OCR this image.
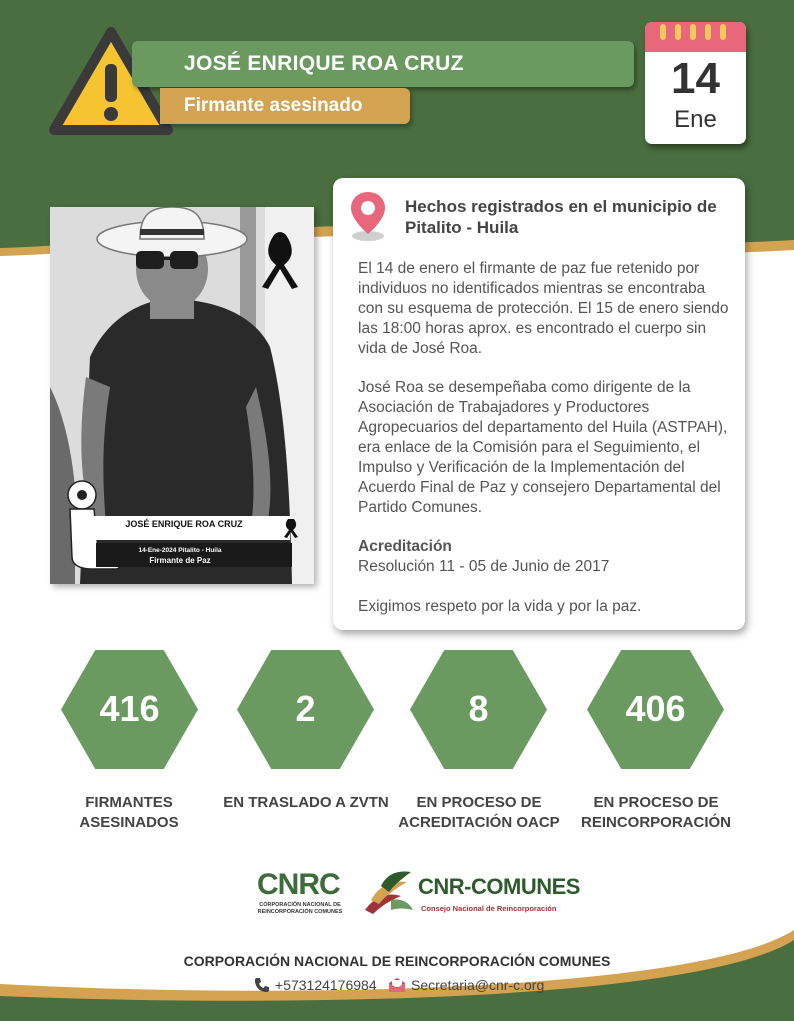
JOSÉ ENRIQUE ROA CRUZ
Firmante asesinado
14
Ene
JOSÉ ENRIQUE ROA CRUZ
14-Ene-2024 Pitalito - Huila
Firmante de Paz
Hechos registrados en el municipio de Pitalito - Huila
El 14 de enero el firmante de paz fue retenido por individuos no identificados mientras se encontraba con su esquema de protección. El 15 de enero siendo las 18:00 horas aprox. es encontrado el cuerpo sin vida de José Roa.
José Roa se desempeñaba como dirigente de la Asociación de Trabajadores y Productores Agropecuarios del departamento del Huila (ASTPAH), era enlace de la Comisión para el Seguimiento, el Impulso y Verificación de la Implementación del Acuerdo Final de Paz y consejero Departamental del Partido Comunes.
Acreditación
Resolución 11 - 05 de Junio de 2017
Exigimos respeto por la vida y por la paz.
416
FIRMANTES ASESINADOS
2
EN TRASLADO A ZVTN
8
EN PROCESO DE ACREDITACIÓN OACP
406
EN PROCESO DE REINCORPORACIÓN
CNRC
CORPORACIÓN NACIONAL DE REINCORPORACIÓN COMUNES
CNR-COMUNES
Consejo Nacional de Reincorporación
CORPORACIÓN NACIONAL DE REINCORPORACIÓN COMUNES
+573124176984 Secretaria@cnr-c.org
